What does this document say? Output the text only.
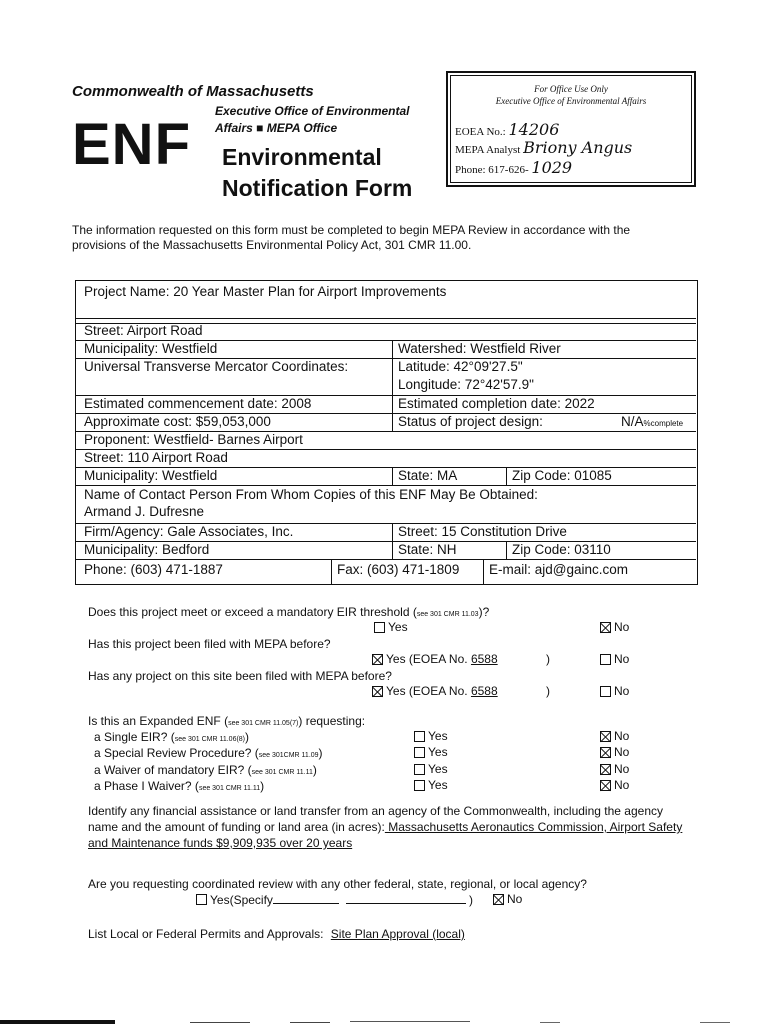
Commonwealth of Massachusetts
Executive Office of Environmental
Affairs ■ MEPA Office
ENF Environmental
Notification Form
For Office Use Only
Executive Office of Environmental Affairs
EOEA No.: 14206
MEPA Analyst Briony Angus
Phone: 617-626- 1029
The information requested on this form must be completed to begin MEPA Review in accordance with the provisions of the Massachusetts Environmental Policy Act, 301 CMR 11.00.
Project Name: 20 Year Master Plan for Airport Improvements
Street: Airport Road
Municipality: Westfield	Watershed: Westfield River
Universal Transverse Mercator Coordinates:	Latitude: 42°09'27.5"
Longitude: 72°42'57.9"
Estimated commencement date: 2008	Estimated completion date: 2022
Approximate cost: $59,053,000	Status of project design:	N/A%complete
Proponent: Westfield- Barnes Airport
Street: 110 Airport Road
Municipality: Westfield	State: MA	Zip Code: 01085
Name of Contact Person From Whom Copies of this ENF May Be Obtained:
Armand J. Dufresne
Firm/Agency: Gale Associates, Inc.	Street: 15 Constitution Drive
Municipality: Bedford	State: NH	Zip Code: 03110
Phone: (603) 471-1887	Fax: (603) 471-1809 E-mail: ajd@gainc.com
Does this project meet or exceed a mandatory EIR threshold (see 301 CMR 11.03)?
Yes	No
Has this project been filed with MEPA before?
Yes (EOEA No. 6588	)	No
Has any project on this site been filed with MEPA before?
Yes (EOEA No. 6588	)	No
Is this an Expanded ENF (see 301 CMR 11.05(7)) requesting:
a Single EIR? (see 301 CMR 11.06(8))	Yes	No
a Special Review Procedure? (see 301CMR 11.09)	Yes	No
a Waiver of mandatory EIR? (see 301 CMR 11.11)	Yes	No
a Phase I Waiver? (see 301 CMR 11.11)	Yes	No
Identify any financial assistance or land transfer from an agency of the Commonwealth, including the agency name and the amount of funding or land area (in acres): Massachusetts Aeronautics Commission, Airport Safety and Maintenance funds $9,909,935 over 20 years
Are you requesting coordinated review with any other federal, state, regional, or local agency?
Yes(Specify	)	No
List Local or Federal Permits and Approvals: Site Plan Approval (local)
